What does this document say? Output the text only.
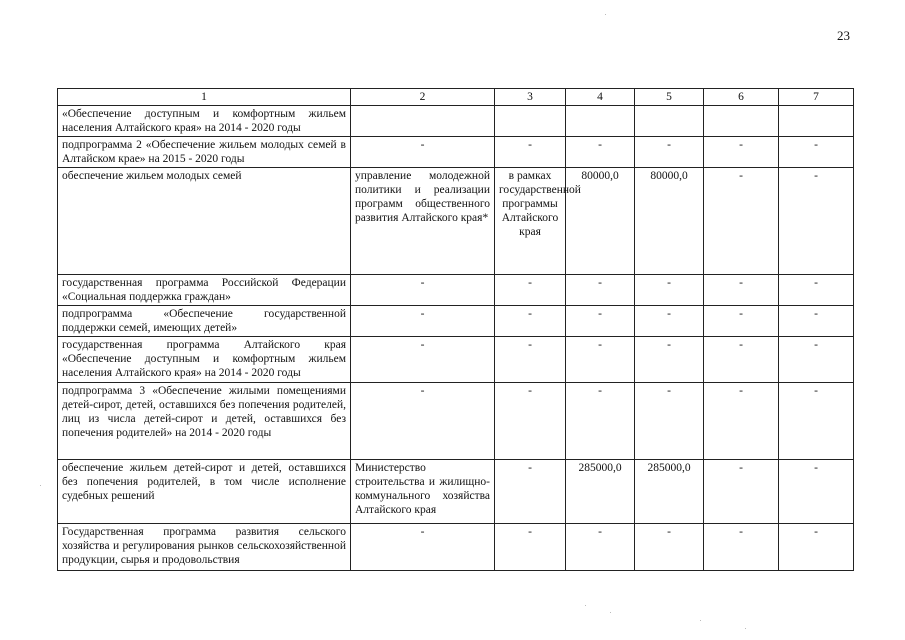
23
1	2	3	4	5	6	7
«Обеспечение доступным и комфортным жильем населения Алтайского края» на 2014 - 2020 годы						
подпрограмма 2 «Обеспечение жильем молодых семей в Алтайском крае» на 2015 - 2020 годы	-	-	-	-	-	-
обеспечение жильем молодых семей	управление молодежной политики и реализации программ общественного развития Алтайского края*	в рамках государственной программы Алтайского края	80000,0	80000,0	-	-
государственная программа Российской Федерации «Социальная поддержка граждан»	-	-	-	-	-	-
подпрограмма «Обеспечение государственной поддержки семей, имеющих детей»	-	-	-	-	-	-
государственная программа Алтайского края «Обеспечение доступным и комфортным жильем населения Алтайского края» на 2014 - 2020 годы	-	-	-	-	-	-
подпрограмма 3 «Обеспечение жилыми помещениями детей-сирот, детей, оставшихся без попечения родителей, лиц из числа детей-сирот и детей, оставшихся без попечения родителей» на 2014 - 2020 годы	-	-	-	-	-	-
обеспечение жильем детей-сирот и детей, оставшихся без попечения родителей, в том числе исполнение судебных решений	Министерство строительства и жилищно-коммунального хозяйства Алтайского края	-	285000,0	285000,0	-	-
Государственная программа развития сельского хозяйства и регулирования рынков сельскохозяйственной продукции, сырья и продовольствия	-	-	-	-	-	-
